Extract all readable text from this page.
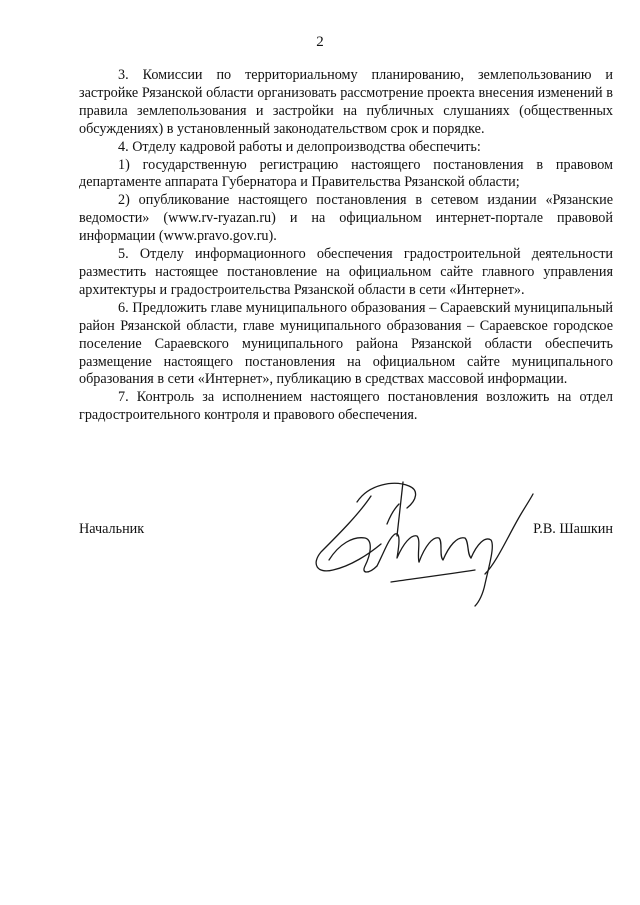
2

3. Комиссии по территориальному планированию, землепользованию и застройке Рязанской области организовать рассмотрение проекта внесения изменений в правила землепользования и застройки на публичных слушаниях (общественных обсуждениях) в установленный законодательством срок и порядке.

4. Отделу кадровой работы и делопроизводства обеспечить:

1) государственную регистрацию настоящего постановления в правовом департаменте аппарата Губернатора и Правительства Рязанской области;

2) опубликование настоящего постановления в сетевом издании «Рязанские ведомости» (www.rv-ryazan.ru) и на официальном интернет-портале правовой информации (www.pravo.gov.ru).

5. Отделу информационного обеспечения градостроительной деятельности разместить настоящее постановление на официальном сайте главного управления архитектуры и градостроительства Рязанской области в сети «Интернет».

6. Предложить главе муниципального образования – Сараевский муниципальный район Рязанской области, главе муниципального образования – Сараевское городское поселение Сараевского муниципального района Рязанской области обеспечить размещение настоящего постановления на официальном сайте муниципального образования в сети «Интернет», публикацию в средствах массовой информации.

7. Контроль за исполнением настоящего постановления возложить на отдел градостроительного контроля и правового обеспечения.

Начальник	Р.В. Шашкин
